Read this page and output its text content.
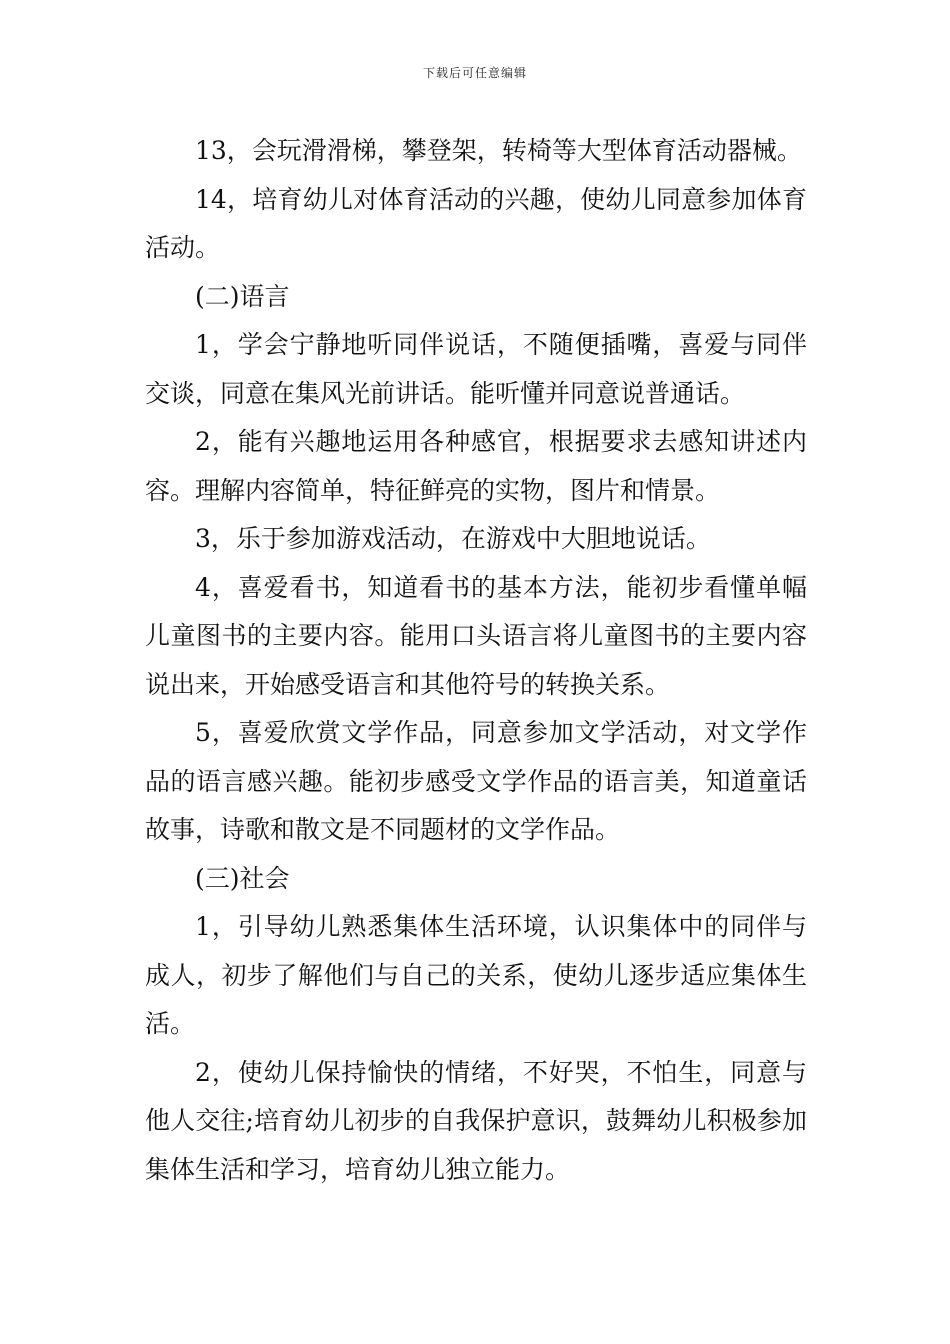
下载后可任意编辑

13，会玩滑滑梯，攀登架，转椅等大型体育活动器械。

14，培育幼儿对体育活动的兴趣，使幼儿同意参加体育活动。

(二)语言

1，学会宁静地听同伴说话，不随便插嘴，喜爱与同伴交谈，同意在集风光前讲话。能听懂并同意说普通话。

2，能有兴趣地运用各种感官，根据要求去感知讲述内容。理解内容简单，特征鲜亮的实物，图片和情景。

3，乐于参加游戏活动，在游戏中大胆地说话。

4，喜爱看书，知道看书的基本方法，能初步看懂单幅儿童图书的主要内容。能用口头语言将儿童图书的主要内容说出来，开始感受语言和其他符号的转换关系。

5，喜爱欣赏文学作品，同意参加文学活动，对文学作品的语言感兴趣。能初步感受文学作品的语言美，知道童话故事，诗歌和散文是不同题材的文学作品。

(三)社会

1，引导幼儿熟悉集体生活环境，认识集体中的同伴与成人，初步了解他们与自己的关系，使幼儿逐步适应集体生活。

2，使幼儿保持愉快的情绪，不好哭，不怕生，同意与他人交往;培育幼儿初步的自我保护意识，鼓舞幼儿积极参加集体生活和学习，培育幼儿独立能力。
